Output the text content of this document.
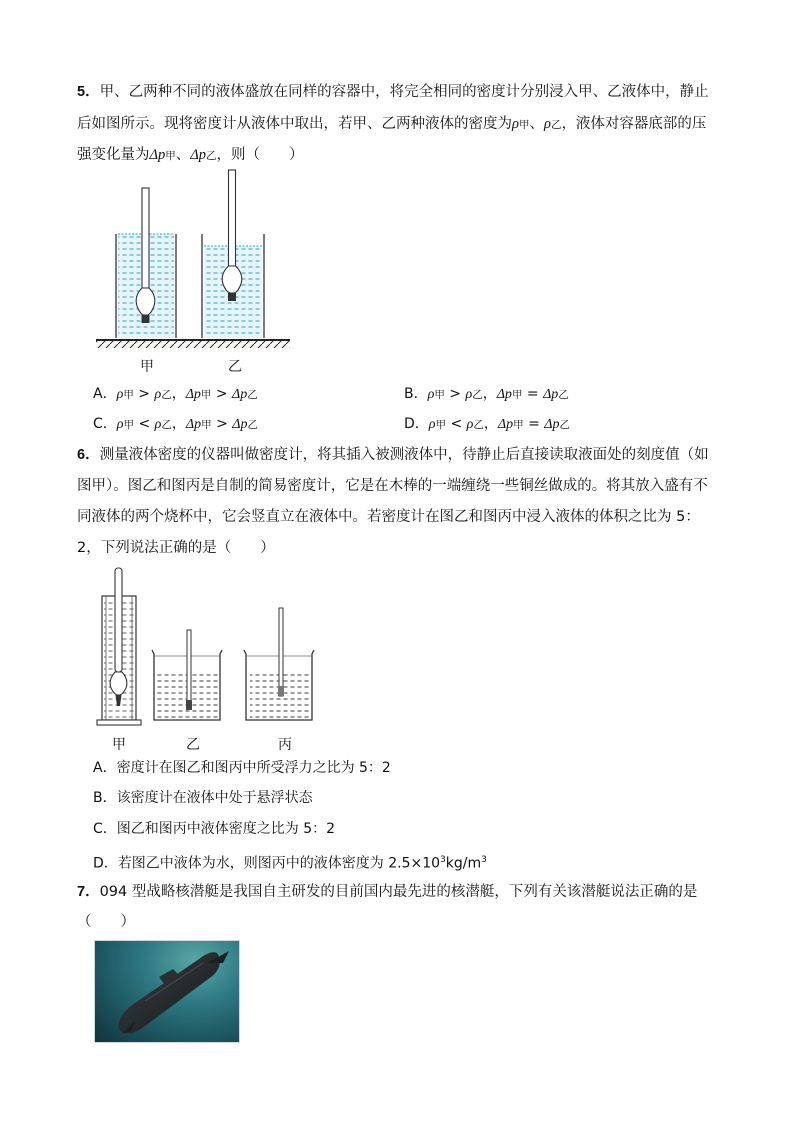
5．甲、乙两种不同的液体盛放在同样的容器中，将完全相同的密度计分别浸入甲、乙液体中，静止
后如图所示。现将密度计从液体中取出，若甲、乙两种液体的密度为ρ甲、ρ乙，液体对容器底部的压
强变化量为Δp甲、Δp乙，则（　　）
甲	乙
A．ρ甲 > ρ乙，Δp甲 > Δp乙	B．ρ甲 > ρ乙，Δp甲 = Δp乙
C．ρ甲 < ρ乙，Δp甲 > Δp乙	D．ρ甲 < ρ乙，Δp甲 = Δp乙
6．测量液体密度的仪器叫做密度计，将其插入被测液体中，待静止后直接读取液面处的刻度值（如
图甲）。图乙和图丙是自制的简易密度计，它是在木棒的一端缠绕一些铜丝做成的。将其放入盛有不
同液体的两个烧杯中，它会竖直立在液体中。若密度计在图乙和图丙中浸入液体的体积之比为 5：
2，下列说法正确的是（　　）
甲	乙	丙
A．密度计在图乙和图丙中所受浮力之比为 5：2
B．该密度计在液体中处于悬浮状态
C．图乙和图丙中液体密度之比为 5：2
D．若图乙中液体为水，则图丙中的液体密度为 $2.5\times 10^3kg/m^3$
7．094 型战略核潜艇是我国自主研发的目前国内最先进的核潜艇，下列有关该潜艇说法正确的是
（　　）
